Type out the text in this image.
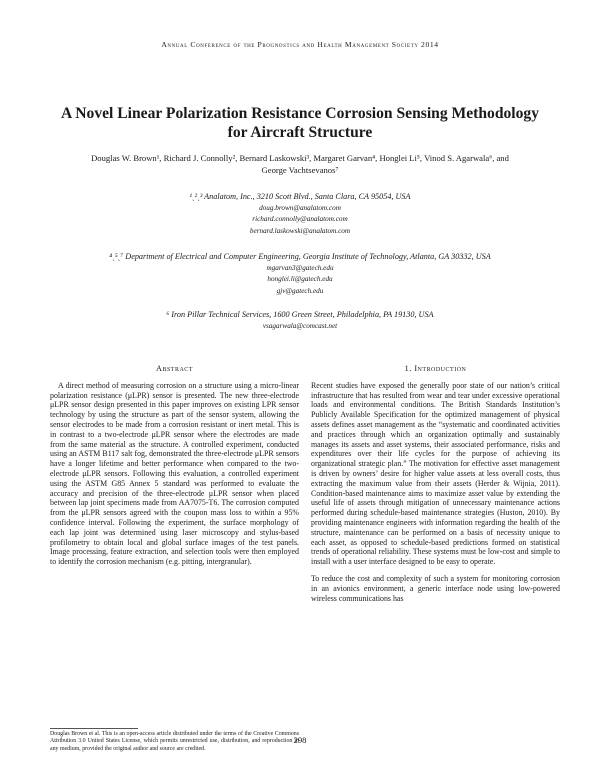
Annual Conference of the Prognostics and Health Management Society 2014
A Novel Linear Polarization Resistance Corrosion Sensing Methodology
for Aircraft Structure
Douglas W. Brown¹, Richard J. Connolly², Bernard Laskowski³, Margaret Garvan⁴, Honglei Li⁵, Vinod S. Agarwala⁶, and
George Vachtsevanos⁷
¹ˎ²ˎ³ Analatom, Inc., 3210 Scott Blvd., Santa Clara, CA 95054, USA
doug.brown@analatom.com
richard.connolly@analatom.com
bernard.laskowski@analatom.com
⁴ˎ⁵ˎ⁷ Department of Electrical and Computer Engineering, Georgia Institute of Technology, Atlanta, GA 30332, USA
mgarvan3@gatech.edu
honglei.li@gatech.edu
gjv@gatech.edu
⁶ Iron Pillar Technical Services, 1600 Green Street, Philadelphia, PA 19130, USA
vsagarwala@comcast.net
Abstract

A direct method of measuring corrosion on a structure using a micro-linear polarization resistance (μLPR) sensor is presented. The new three-electrode μLPR sensor design presented in this paper improves on existing LPR sensor technology by using the structure as part of the sensor system, allowing the sensor electrodes to be made from a corrosion resistant or inert metal. This is in contrast to a two-electrode μLPR sensor where the electrodes are made from the same material as the structure. A controlled experiment, conducted using an ASTM B117 salt fog, demonstrated the three-electrode μLPR sensors have a longer lifetime and better performance when compared to the two-electrode μLPR sensors. Following this evaluation, a controlled experiment using the ASTM G85 Annex 5 standard was performed to evaluate the accuracy and precision of the three-electrode μLPR sensor when placed between lap joint specimens made from AA7075-T6. The corrosion computed from the μLPR sensors agreed with the coupon mass loss to within a 95% confidence interval. Following the experiment, the surface morphology of each lap joint was determined using laser microscopy and stylus-based profilometry to obtain local and global surface images of the test panels. Image processing, feature extraction, and selection tools were then employed to identify the corrosion mechanism (e.g. pitting, intergranular).

1. Introduction

Recent studies have exposed the generally poor state of our nation’s critical infrastructure that has resulted from wear and tear under excessive operational loads and environmental conditions. The British Standards Institution’s Publicly Available Specification for the optimized management of physical assets defines asset management as the “systematic and coordinated activities and practices through which an organization optimally and sustainably manages its assets and asset systems, their associated performance, risks and expenditures over their life cycles for the purpose of achieving its organizational strategic plan.” The motivation for effective asset management is driven by owners’ desire for higher value assets at less overall costs, thus extracting the maximum value from their assets (Herder & Wijnia, 2011). Condition-based maintenance aims to maximize asset value by extending the useful life of assets through mitigation of unnecessary maintenance actions performed during schedule-based maintenance strategies (Huston, 2010). By providing maintenance engineers with information regarding the health of the structure, maintenance can be performed on a basis of necessity unique to each asset, as opposed to schedule-based predictions formed on statistical trends of operational reliability. These systems must be low-cost and simple to install with a user interface designed to be easy to operate.

To reduce the cost and complexity of such a system for monitoring corrosion in an avionics environment, a generic interface node using low-powered wireless communications has

Douglas Brown et al. This is an open-access article distributed under the terms of the Creative Commons Attribution 3.0 United States License, which permits unrestricted use, distribution, and reproduction in any medium, provided the original author and source are credited.
298
